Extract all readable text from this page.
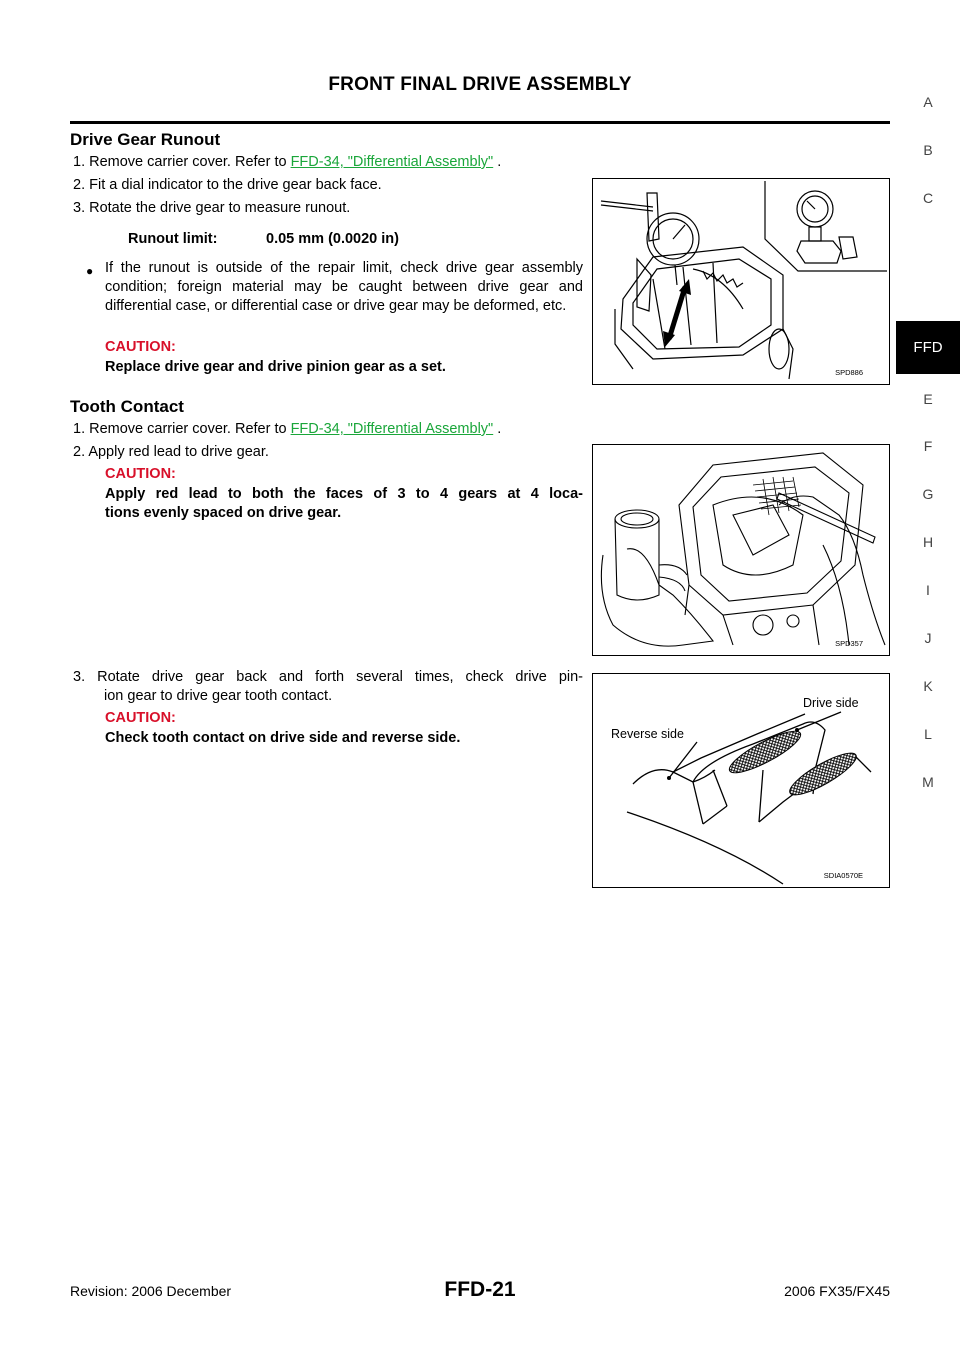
FRONT FINAL DRIVE ASSEMBLY
Drive Gear Runout
1. Remove carrier cover. Refer to FFD-34, "Differential Assembly" .
2. Fit a dial indicator to the drive gear back face.
3. Rotate the drive gear to measure runout.
Runout limit:	0.05 mm (0.0020 in)
● If the runout is outside of the repair limit, check drive gear assembly condition; foreign material may be caught between drive gear and differential case, or differential case or drive gear may be deformed, etc.
CAUTION:
Replace drive gear and drive pinion gear as a set.	SPD886
Tooth Contact
1. Remove carrier cover. Refer to FFD-34, "Differential Assembly" .
2. Apply red lead to drive gear.
CAUTION:
Apply red lead to both the faces of 3 to 4 gears at 4 loca-
tions evenly spaced on drive gear.
SPD357
3. Rotate drive gear back and forth several times, check drive pin-
ion gear to drive gear tooth contact.
CAUTION:
Check tooth contact on drive side and reverse side.
Drive side
Reverse side
SDIA0570E
A
B
C
FFD
E
F
G
H
I
J
K
L
M
Revision: 2006 December	FFD-21	2006 FX35/FX45
